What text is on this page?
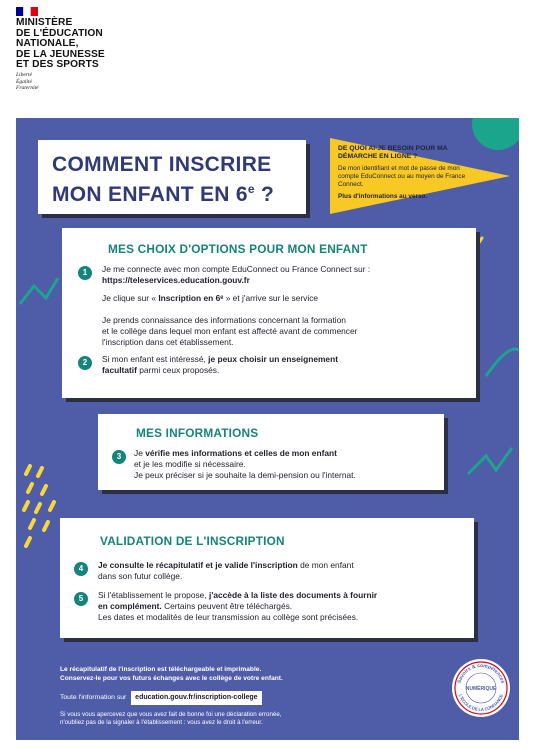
MINISTÈRE
DE L'ÉDUCATION
NATIONALE,
DE LA JEUNESSE
ET DES SPORTS

Liberté
Égalité
Fraternité
COMMENT INSCRIRE
MON ENFANT EN 6e ?
DE QUOI AI-JE BESOIN POUR MA DÉMARCHE EN LIGNE ?
De mon identifiant et mot de passe de mon compte EduConnect ou au moyen de France Connect.
Plus d'informations au verso.
MES CHOIX D'OPTIONS POUR MON ENFANT
1	Je me connecte avec mon compte EduConnect ou France Connect sur :
https://teleservices.education.gouv.fr
Je clique sur « Inscription en 6ᵉ » et j'arrive sur le service
Je prends connaissance des informations concernant la formation
et le collège dans lequel mon enfant est affecté avant de commencer
l'inscription dans cet établissement.
2	Si mon enfant est intéressé, je peux choisir un enseignement
facultatif parmi ceux proposés.
MES INFORMATIONS
3	Je vérifie mes informations et celles de mon enfant
et je les modifie si nécessaire.
Je peux préciser si je souhaite la demi-pension ou l'internat.
VALIDATION DE L'INSCRIPTION
4	Je consulte le récapitulatif et je valide l'inscription de mon enfant
dans son futur collège.
5	Si l'établissement le propose, j'accède à la liste des documents à fournir
en complément. Certains peuvent être téléchargés.
Les dates et modalités de leur transmission au collège sont précisées.
Le récapitulatif de l'inscription est téléchargeable et imprimable.
Conservez-le pour vos futurs échanges avec le collège de votre enfant.
Toute l'information sur education.gouv.fr/inscription-college
Si vous vous apercevez que vous avez fait de bonne foi une déclaration erronée,
n'oubliez pas de la signaler à l'établissement : vous avez le droit à l'erreur.
Savoirs & compétences
NUMÉRIQUE
L'ÉCOLE DE LA CONFIANCE
